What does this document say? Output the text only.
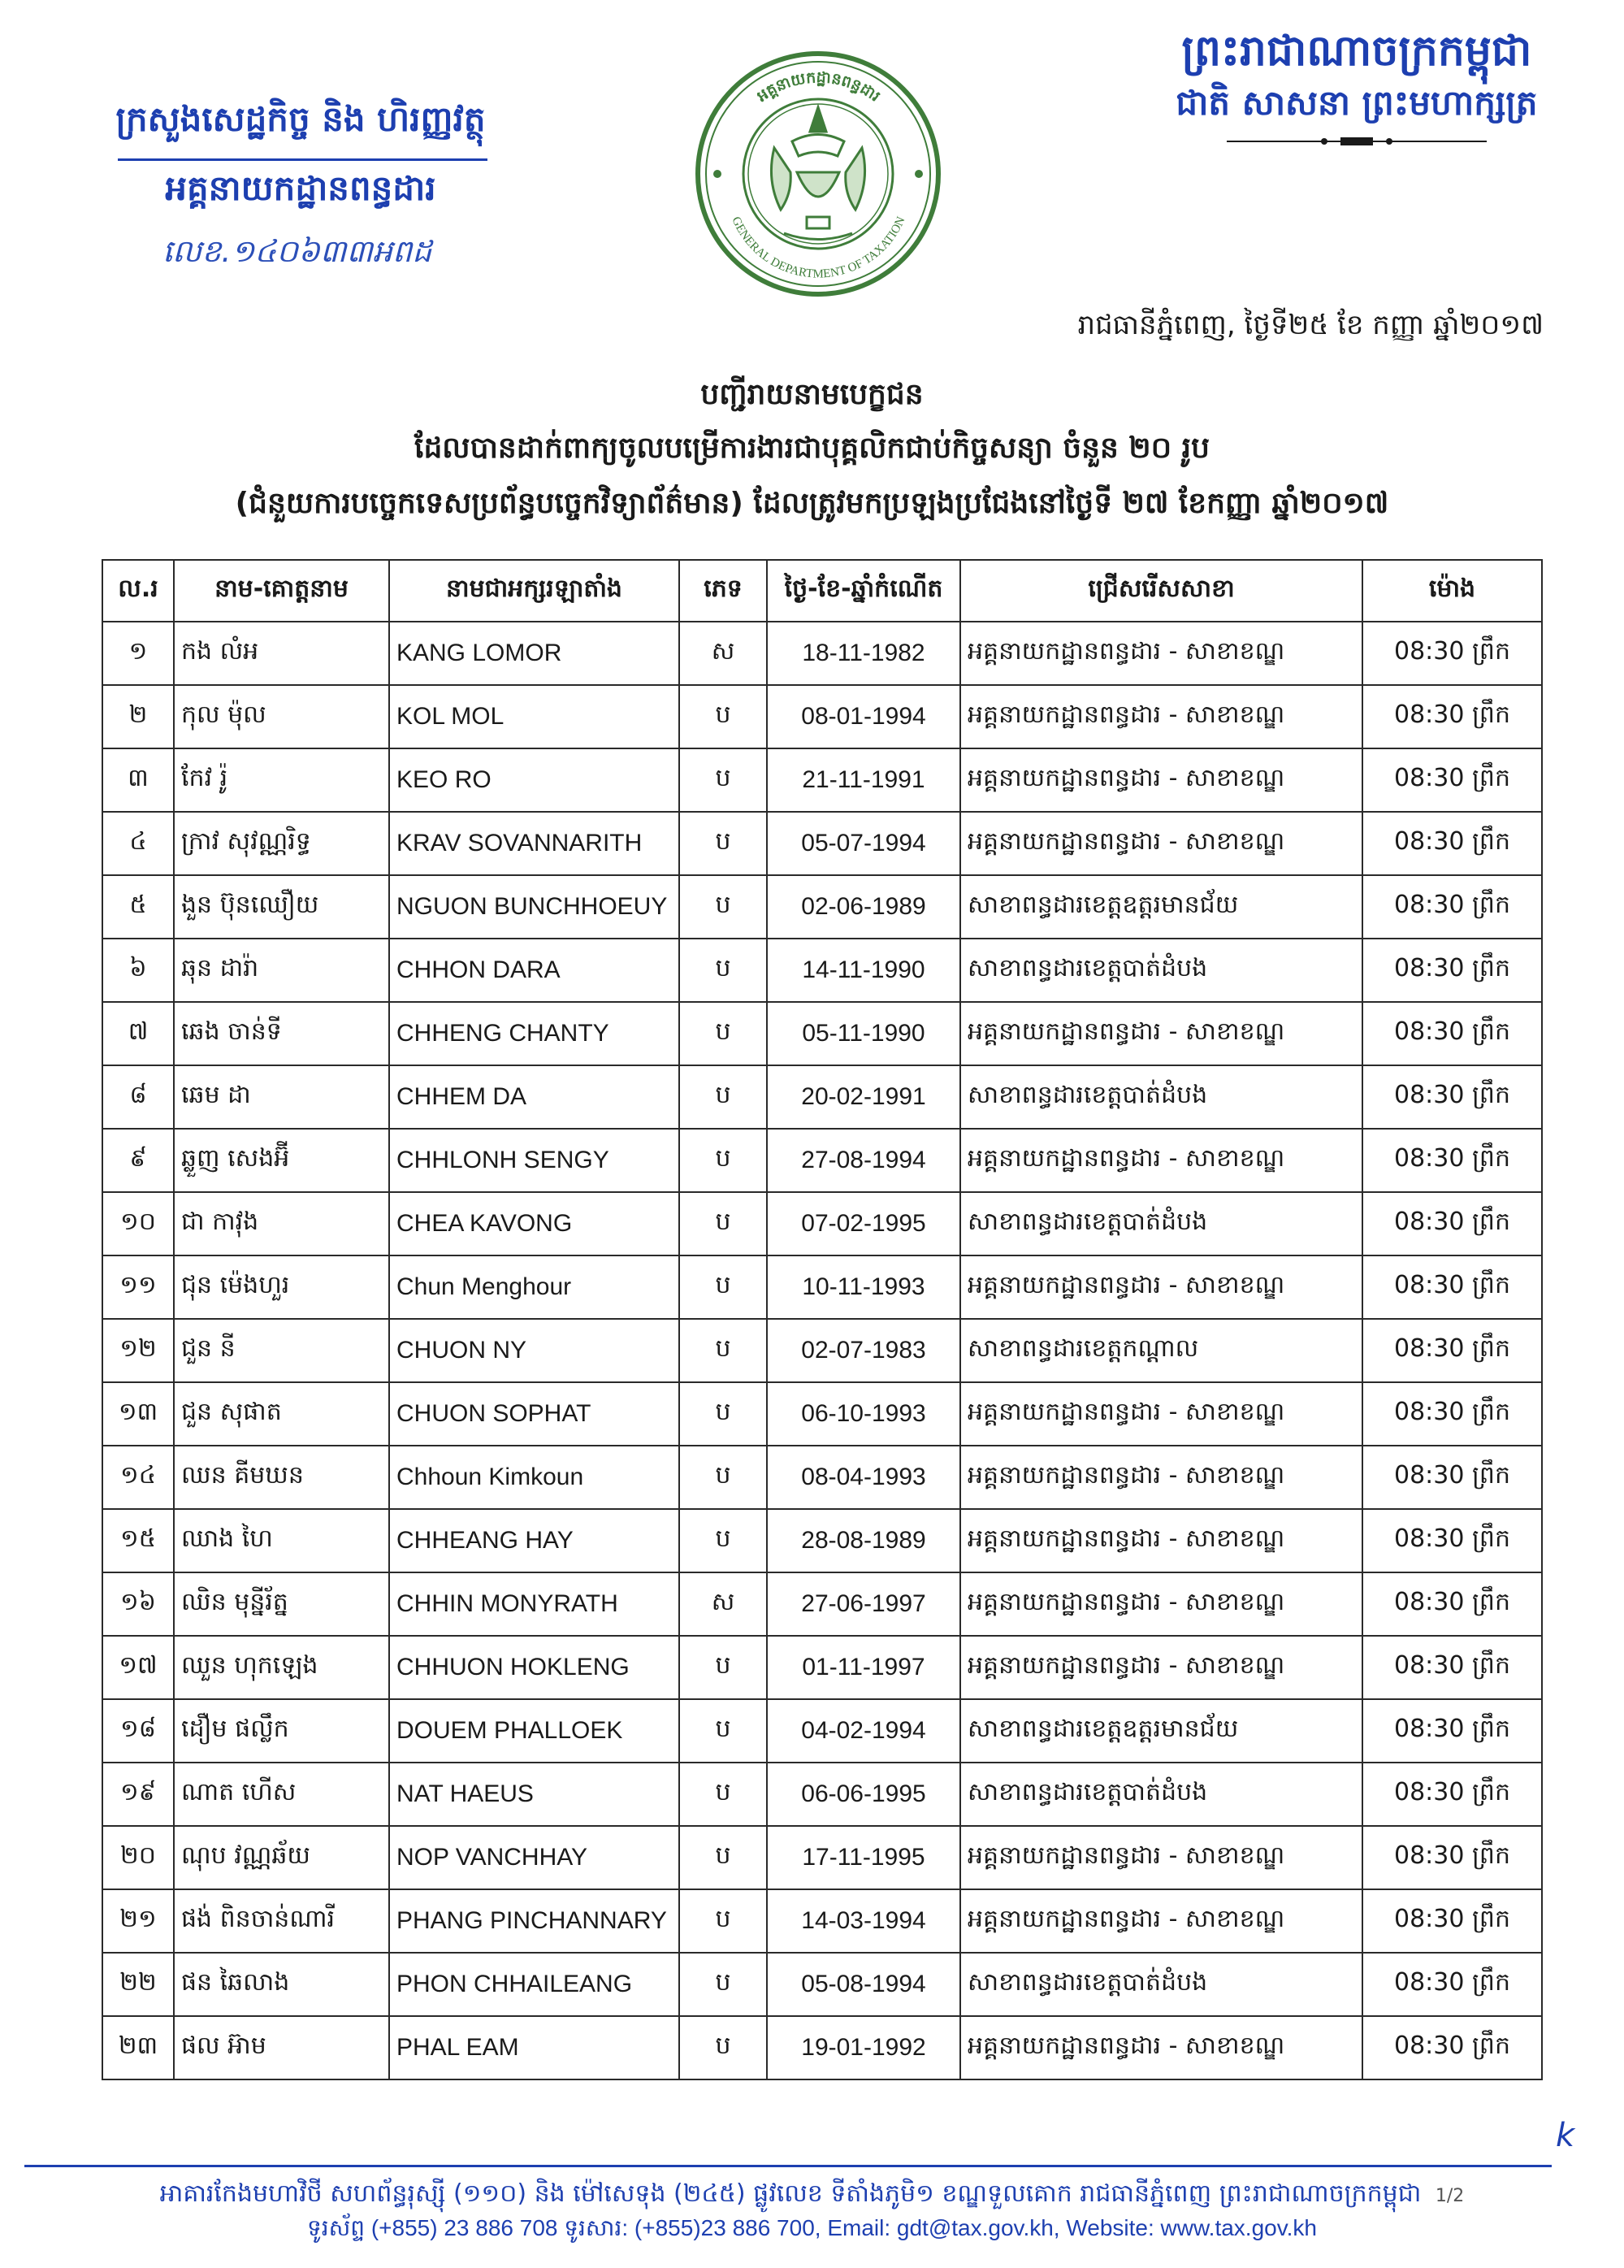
ក្រសួងសេដ្ឋកិច្ច និង ហិរញ្ញវត្ថុ
អគ្គនាយកដ្ឋានពន្ធដារ
លេខ.១៤០៦៣៣អពដ
អគ្គនាយកដ្ឋានពន្ធដារ
GENERAL DEPARTMENT OF TAXATION
ព្រះរាជាណាចក្រកម្ពុជា
ជាតិ សាសនា ព្រះមហាក្សត្រ
រាជធានីភ្នំពេញ, ថ្ងៃទី២៥ ខែ កញ្ញា ឆ្នាំ២០១៧
បញ្ជីរាយនាមបេក្ខជន
ដែលបានដាក់ពាក្យចូលបម្រើការងារជាបុគ្គលិកជាប់កិច្ចសន្យា ចំនួន ២០ រូប
(ជំនួយការបច្ចេកទេសប្រព័ន្ធបច្ចេកវិទ្យាព័ត៌មាន) ដែលត្រូវមកប្រឡងប្រជែងនៅថ្ងៃទី ២៧ ខែកញ្ញា ឆ្នាំ២០១៧
ល.រ	នាម-គោត្តនាម	នាមជាអក្សរឡាតាំង	ភេទ	ថ្ងៃ-ខែ-ឆ្នាំកំណើត	ជ្រើសរើសសាខា	ម៉ោង
១	កង លំអ	KANG LOMOR	ស	18-11-1982	អគ្គនាយកដ្ឋានពន្ធដារ - សាខាខណ្ឌ	08:30 ព្រឹក
២	កុល ម៉ុល	KOL MOL	ប	08-01-1994	អគ្គនាយកដ្ឋានពន្ធដារ - សាខាខណ្ឌ	08:30 ព្រឹក
៣	កែវ រ៉ូ	KEO RO	ប	21-11-1991	អគ្គនាយកដ្ឋានពន្ធដារ - សាខាខណ្ឌ	08:30 ព្រឹក
៤	ក្រាវ សុវណ្ណរិទ្ធ	KRAV SOVANNARITH	ប	05-07-1994	អគ្គនាយកដ្ឋានពន្ធដារ - សាខាខណ្ឌ	08:30 ព្រឹក
៥	ងួន ប៊ុនឈឿយ	NGUON BUNCHHOEUY	ប	02-06-1989	សាខាពន្ធដារខេត្តឧត្តរមានជ័យ	08:30 ព្រឹក
៦	ឆុន ដារ៉ា	CHHON DARA	ប	14-11-1990	សាខាពន្ធដារខេត្តបាត់ដំបង	08:30 ព្រឹក
៧	ឆេង ចាន់ទី	CHHENG CHANTY	ប	05-11-1990	អគ្គនាយកដ្ឋានពន្ធដារ - សាខាខណ្ឌ	08:30 ព្រឹក
៨	ឆេម ដា	CHHEM DA	ប	20-02-1991	សាខាពន្ធដារខេត្តបាត់ដំបង	08:30 ព្រឹក
៩	ឆ្លួញ សេងអ៊ី	CHHLONH SENGY	ប	27-08-1994	អគ្គនាយកដ្ឋានពន្ធដារ - សាខាខណ្ឌ	08:30 ព្រឹក
១០	ជា កាវុង	CHEA KAVONG	ប	07-02-1995	សាខាពន្ធដារខេត្តបាត់ដំបង	08:30 ព្រឹក
១១	ជុន ម៉េងហួរ	Chun Menghour	ប	10-11-1993	អគ្គនាយកដ្ឋានពន្ធដារ - សាខាខណ្ឌ	08:30 ព្រឹក
១២	ជួន នី	CHUON NY	ប	02-07-1983	សាខាពន្ធដារខេត្តកណ្តាល	08:30 ព្រឹក
១៣	ជួន សុផាត	CHUON SOPHAT	ប	06-10-1993	អគ្គនាយកដ្ឋានពន្ធដារ - សាខាខណ្ឌ	08:30 ព្រឹក
១៤	ឈន គីមឃន	Chhoun Kimkoun	ប	08-04-1993	អគ្គនាយកដ្ឋានពន្ធដារ - សាខាខណ្ឌ	08:30 ព្រឹក
១៥	ឈាង ហៃ	CHHEANG HAY	ប	28-08-1989	អគ្គនាយកដ្ឋានពន្ធដារ - សាខាខណ្ឌ	08:30 ព្រឹក
១៦	ឈិន មុន្នីរ័ត្ន	CHHIN MONYRATH	ស	27-06-1997	អគ្គនាយកដ្ឋានពន្ធដារ - សាខាខណ្ឌ	08:30 ព្រឹក
១៧	ឈួន ហុកឡេង	CHHUON HOKLENG	ប	01-11-1997	អគ្គនាយកដ្ឋានពន្ធដារ - សាខាខណ្ឌ	08:30 ព្រឹក
១៨	ដឿម ផល្លឹក	DOUEM PHALLOEK	ប	04-02-1994	សាខាពន្ធដារខេត្តឧត្តរមានជ័យ	08:30 ព្រឹក
១៩	ណាត ហើស	NAT HAEUS	ប	06-06-1995	សាខាពន្ធដារខេត្តបាត់ដំបង	08:30 ព្រឹក
២០	ណុប វណ្ណឆ័យ	NOP VANCHHAY	ប	17-11-1995	អគ្គនាយកដ្ឋានពន្ធដារ - សាខាខណ្ឌ	08:30 ព្រឹក
២១	ផង់ ពិនចាន់ណារី	PHANG PINCHANNARY	ប	14-03-1994	អគ្គនាយកដ្ឋានពន្ធដារ - សាខាខណ្ឌ	08:30 ព្រឹក
២២	ផន ឆៃលាង	PHON CHHAILEANG	ប	05-08-1994	សាខាពន្ធដារខេត្តបាត់ដំបង	08:30 ព្រឹក
២៣	ផល អ៊ាម	PHAL EAM	ប	19-01-1992	អគ្គនាយកដ្ឋានពន្ធដារ - សាខាខណ្ឌ	08:30 ព្រឹក
k
អាគារកែងមហាវិថី សហព័ន្ធរុស្ស៊ី (១១០) និង ម៉ៅសេទុង (២៤៥) ផ្លូវលេខ ទីតាំងភូមិ១ ខណ្ឌទួលគោក រាជធានីភ្នំពេញ ព្រះរាជាណាចក្រកម្ពុជា 1/2
ទូរស័ព្ទ (+855) 23 886 708 ទូរសារ: (+855)23 886 700, Email: gdt@tax.gov.kh, Website: www.tax.gov.kh
